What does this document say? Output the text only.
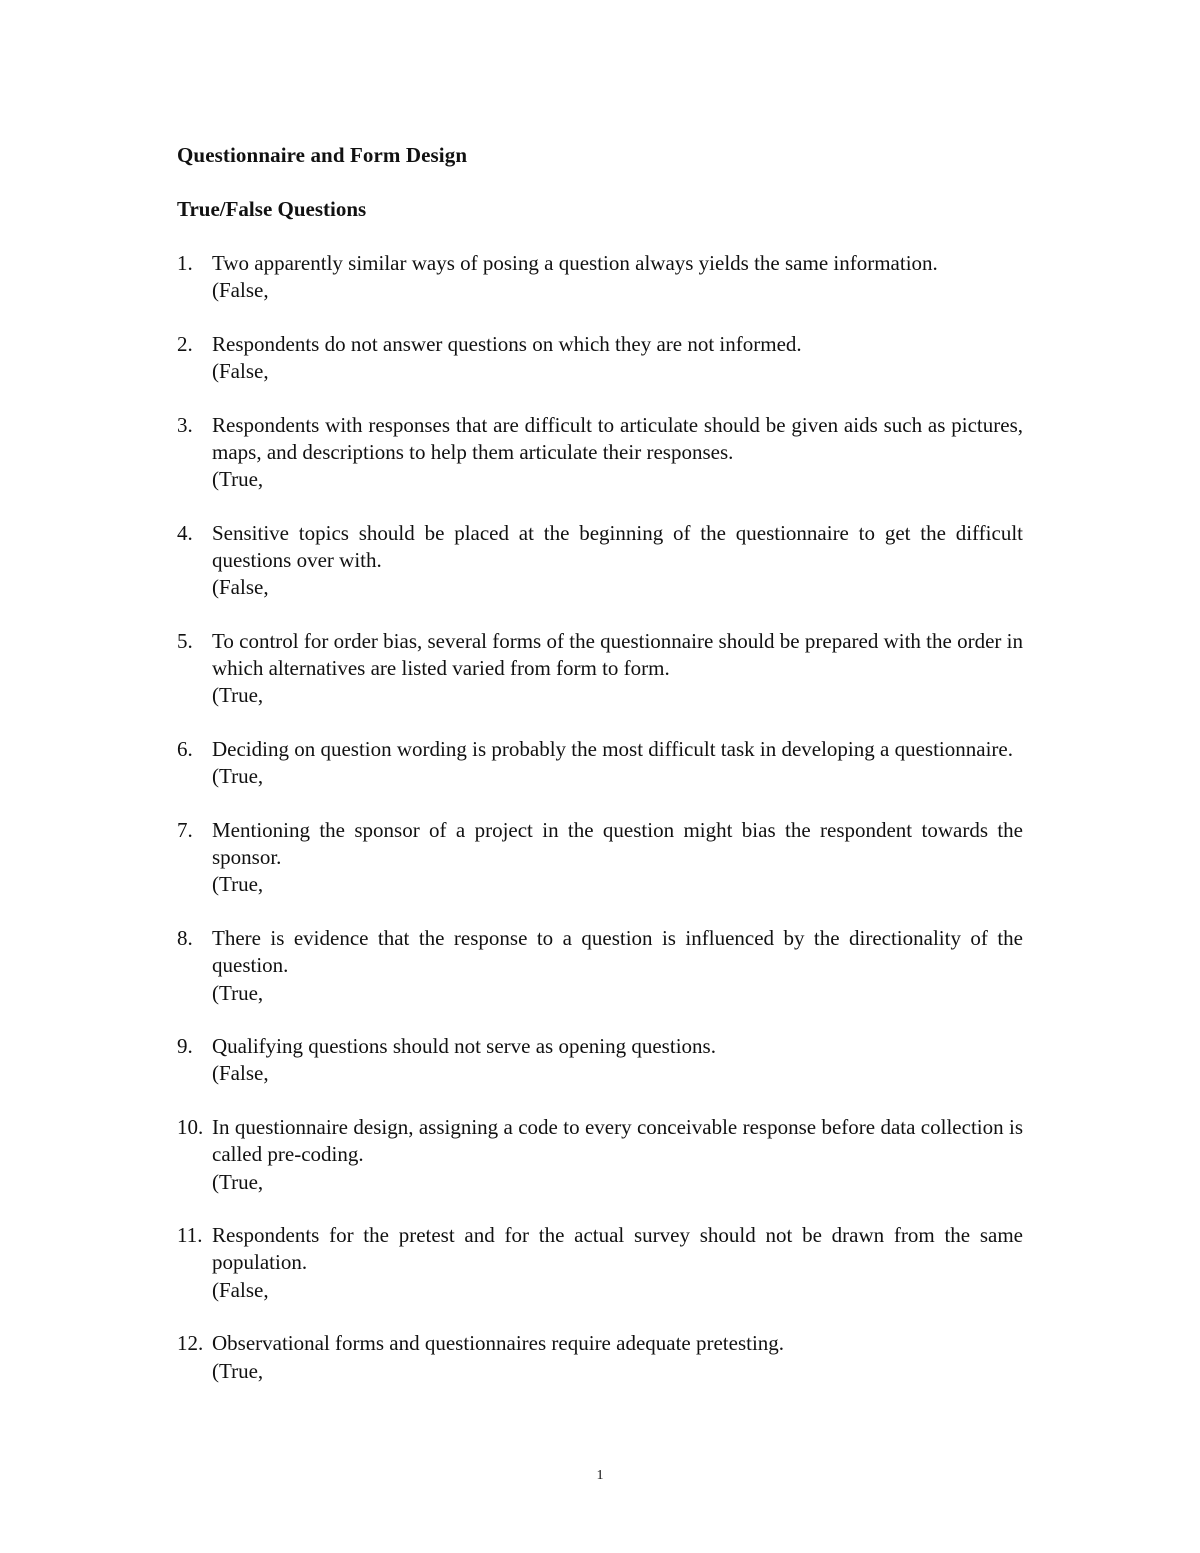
Questionnaire and Form Design
True/False Questions
1. Two apparently similar ways of posing a question always yields the same information.
(False,
2. Respondents do not answer questions on which they are not informed.
(False,
3. Respondents with responses that are difficult to articulate should be given aids such as pictures, maps, and descriptions to help them articulate their responses.
(True,
4. Sensitive topics should be placed at the beginning of the questionnaire to get the difficult questions over with.
(False,
5. To control for order bias, several forms of the questionnaire should be prepared with the order in which alternatives are listed varied from form to form.
(True,
6. Deciding on question wording is probably the most difficult task in developing a questionnaire.
(True,
7. Mentioning the sponsor of a project in the question might bias the respondent towards the sponsor.
(True,
8. There is evidence that the response to a question is influenced by the directionality of the question.
(True,
9. Qualifying questions should not serve as opening questions.
(False,
10. In questionnaire design, assigning a code to every conceivable response before data collection is called pre-coding.
(True,
11. Respondents for the pretest and for the actual survey should not be drawn from the same population.
(False,
12. Observational forms and questionnaires require adequate pretesting.
(True,
1
